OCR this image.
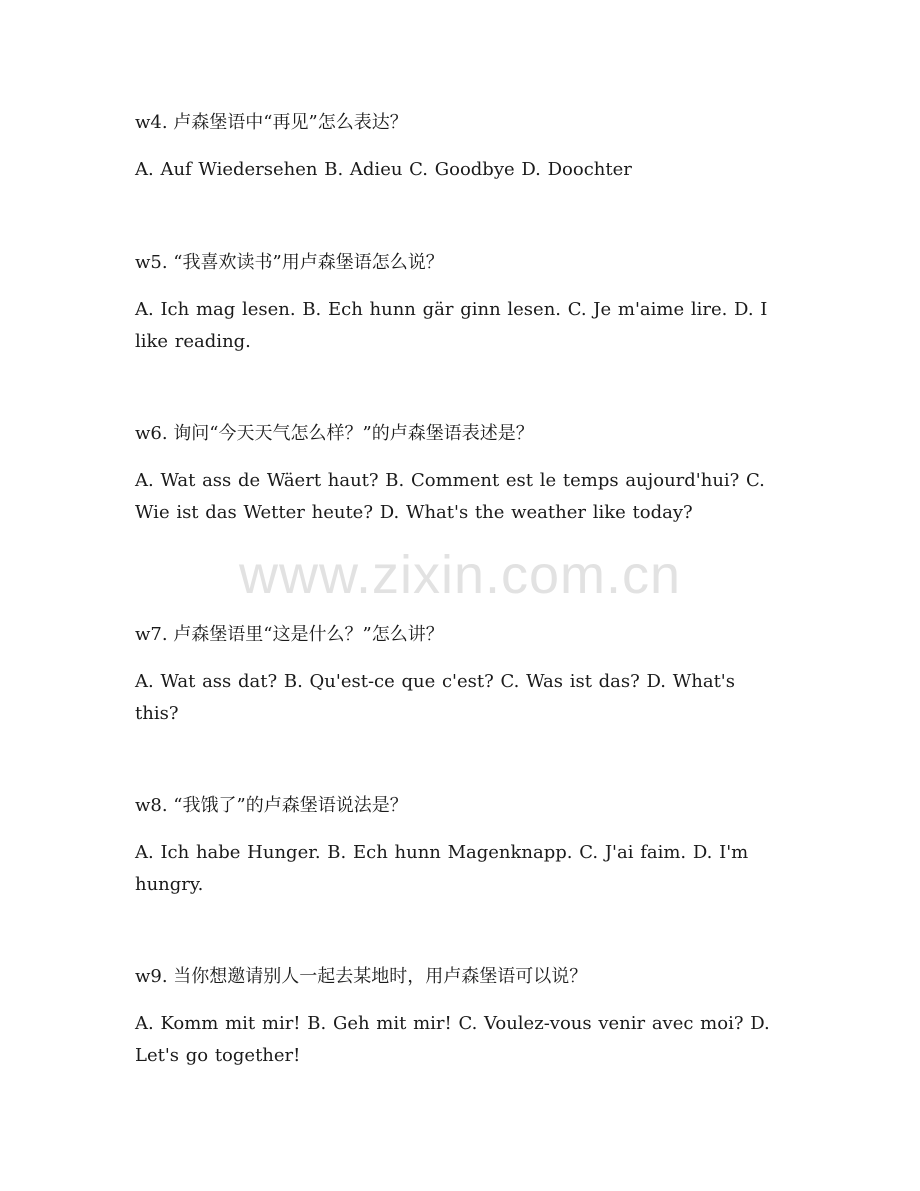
w4. 卢森堡语中“再见”怎么表达？

A. Auf Wiedersehen B. Adieu C. Goodbye D. Doochter

w5. “我喜欢读书”用卢森堡语怎么说？

A. Ich mag lesen. B. Ech hunn gär ginn lesen. C. Je m'aime lire. D. I like reading.

w6. 询问“今天天气怎么样？”的卢森堡语表述是？

A. Wat ass de Wäert haut? B. Comment est le temps aujourd'hui? C. Wie ist das Wetter heute? D. What's the weather like today?

w7. 卢森堡语里“这是什么？”怎么讲？

A. Wat ass dat? B. Qu'est-ce que c'est? C. Was ist das? D. What's this?

w8. “我饿了”的卢森堡语说法是？

A. Ich habe Hunger. B. Ech hunn Magenknapp. C. J'ai faim. D. I'm hungry.

w9. 当你想邀请别人一起去某地时，用卢森堡语可以说？

A. Komm mit mir! B. Geh mit mir! C. Voulez-vous venir avec moi? D. Let's go together!

www.zixin.com.cn
